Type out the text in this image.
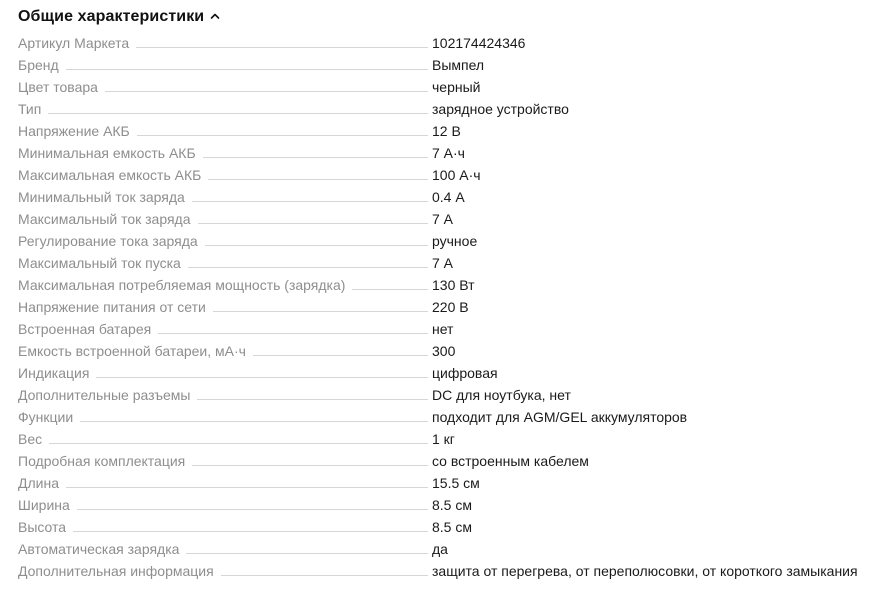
Общие характеристики
Артикул Маркета	102174424346
Бренд	Вымпел
Цвет товара	черный
Тип	зарядное устройство
Напряжение АКБ	12 В
Минимальная емкость АКБ	7 А·ч
Максимальная емкость АКБ	100 А·ч
Минимальный ток заряда	0.4 А
Максимальный ток заряда	7 А
Регулирование тока заряда	ручное
Максимальный ток пуска	7 А
Максимальная потребляемая мощность (зарядка)	130 Вт
Напряжение питания от сети	220 В
Встроенная батарея	нет
Емкость встроенной батареи, мА·ч	300
Индикация	цифровая
Дополнительные разъемы	DC для ноутбука, нет
Функции	подходит для AGM/GEL аккумуляторов
Вес	1 кг
Подробная комплектация	со встроенным кабелем
Длина	15.5 см
Ширина	8.5 см
Высота	8.5 см
Автоматическая зарядка	да
Дополнительная информация	защита от перегрева, от переполюсовки, от короткого замыкания
